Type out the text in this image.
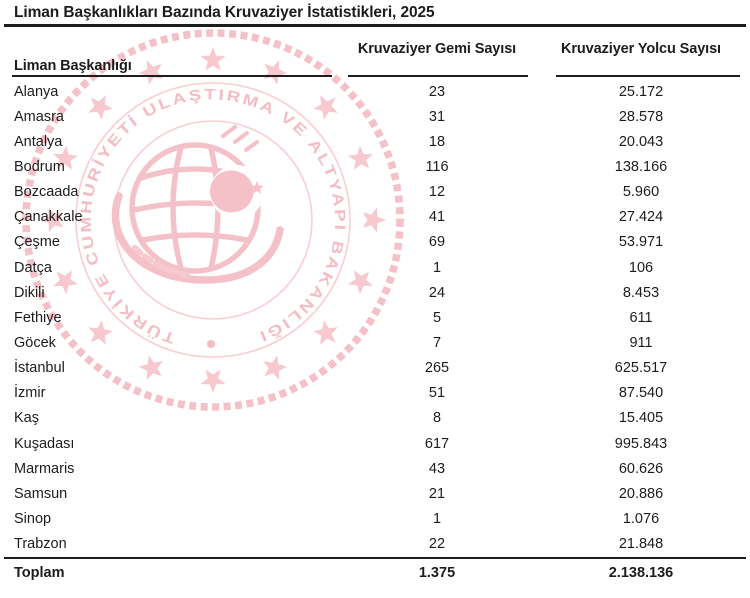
TÜRKİYE CUMHURİYETİ ULAŞTIRMA VE ALTYAPI BAKANLIĞI
Liman Başkanlıkları Bazında Kruvaziyer İstatistikleri, 2025
Liman Başkanlığı
Kruvaziyer Gemi Sayısı	Kruvaziyer Yolcu Sayısı
Alanya	23	25.172
Amasra	31	28.578
Antalya	18	20.043
Bodrum	116	138.166
Bozcaada	12	5.960
Çanakkale	41	27.424
Çeşme	69	53.971
Datça	1	106
Dikili	24	8.453
Fethiye	5	611
Göcek	7	911
İstanbul	265	625.517
İzmir	51	87.540
Kaş	8	15.405
Kuşadası	617	995.843
Marmaris	43	60.626
Samsun	21	20.886
Sinop	1	1.076
Trabzon	22	21.848
Toplam	1.375	2.138.136
